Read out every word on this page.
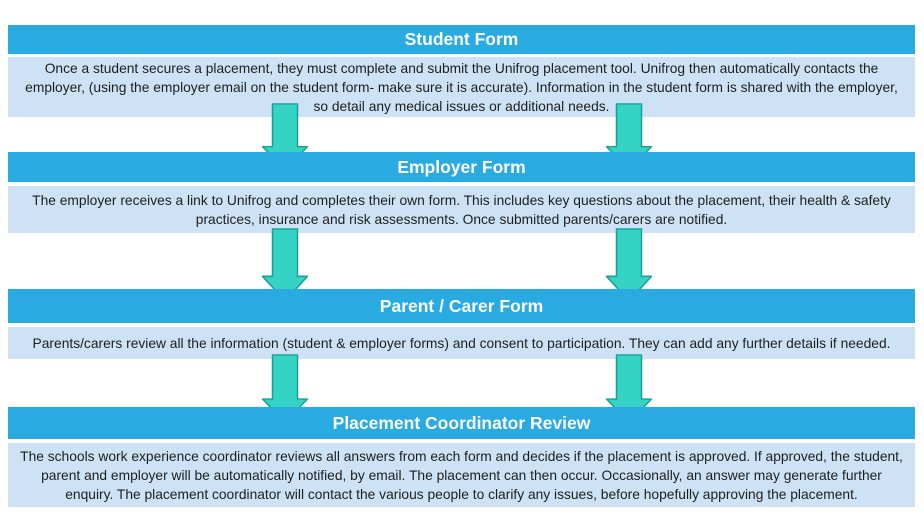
Student Form

Once a student secures a placement, they must complete and submit the Unifrog placement tool. Unifrog then automatically contacts the employer, (using the employer email on the student form- make sure it is accurate). Information in the student form is shared with the employer, so detail any medical issues or additional needs.

Employer Form

The employer receives a link to Unifrog and completes their own form. This includes key questions about the placement, their health & safety practices, insurance and risk assessments. Once submitted parents/carers are notified.

Parent / Carer Form

Parents/carers review all the information (student & employer forms) and consent to participation. They can add any further details if needed.

Placement Coordinator Review

The schools work experience coordinator reviews all answers from each form and decides if the placement is approved. If approved, the student, parent and employer will be automatically notified, by email. The placement can then occur. Occasionally, an answer may generate further enquiry. The placement coordinator will contact the various people to clarify any issues, before hopefully approving the placement.
